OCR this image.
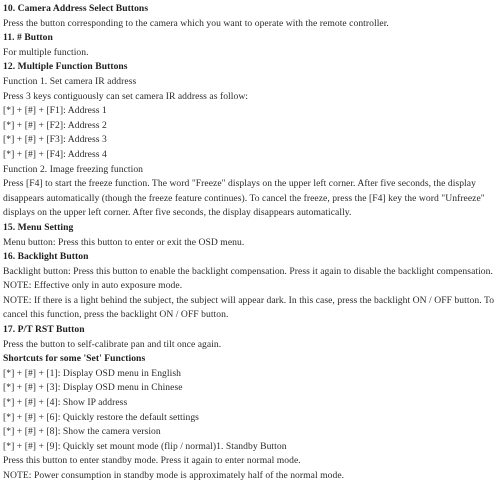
10. Camera Address Select Buttons
Press the button corresponding to the camera which you want to operate with the remote controller.
11. # Button
For multiple function.
12. Multiple Function Buttons
Function 1. Set camera IR address
Press 3 keys contiguously can set camera IR address as follow:
[*] + [#] + [F1]: Address 1
[*] + [#] + [F2]: Address 2
[*] + [#] + [F3]: Address 3
[*] + [#] + [F4]: Address 4
Function 2. Image freezing function
Press [F4] to start the freeze function. The word "Freeze" displays on the upper left corner. After five seconds, the display
disappears automatically (though the freeze feature continues). To cancel the freeze, press the [F4] key the word "Unfreeze"
displays on the upper left corner. After five seconds, the display disappears automatically.
15. Menu Setting
Menu button: Press this button to enter or exit the OSD menu.
16. Backlight Button
Backlight button: Press this button to enable the backlight compensation. Press it again to disable the backlight compensation.
NOTE: Effective only in auto exposure mode.
NOTE: If there is a light behind the subject, the subject will appear dark. In this case, press the backlight ON / OFF button. To
cancel this function, press the backlight ON / OFF button.
17. P/T RST Button
Press the button to self-calibrate pan and tilt once again.
Shortcuts for some 'Set' Functions
[*] + [#] + [1]: Display OSD menu in English
[*] + [#] + [3]: Display OSD menu in Chinese
[*] + [#] + [4]: Show IP address
[*] + [#] + [6]: Quickly restore the default settings
[*] + [#] + [8]: Show the camera version
[*] + [#] + [9]: Quickly set mount mode (flip / normal)1. Standby Button
Press this button to enter standby mode. Press it again to enter normal mode.
NOTE: Power consumption in standby mode is approximately half of the normal mode.
